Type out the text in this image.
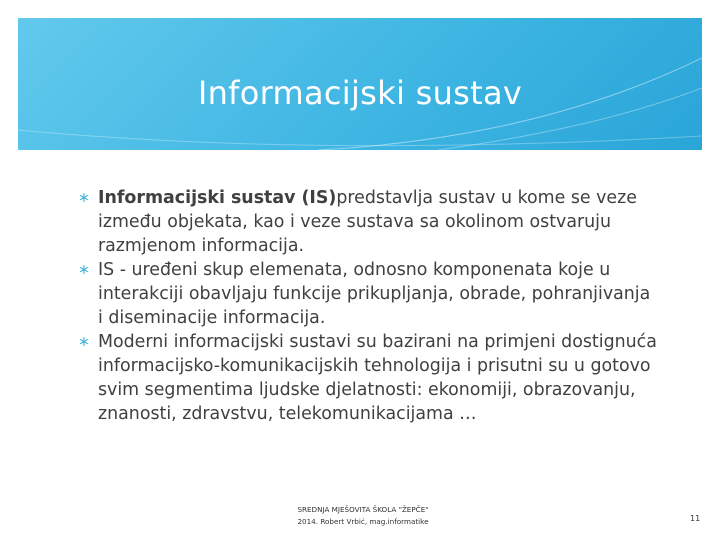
Informacijski sustav
∗ Informacijski sustav (IS)predstavlja sustav u kome se veze između objekata, kao i veze sustava sa okolinom ostvaruju razmjenom informacija.
∗ IS - uređeni skup elemenata, odnosno komponenata koje u interakciji obavljaju funkcije prikupljanja, obrade, pohranjivanja i diseminacije informacija.
∗ Moderni informacijski sustavi su bazirani na primjeni dostignuća informacijsko-komunikacijskih tehnologija i prisutni su u gotovo svim segmentima ljudske djelatnosti: ekonomiji, obrazovanju, znanosti, zdravstvu, telekomunikacijama …
SREDNJA MJEŠOVITA ŠKOLA "ŽEPČE"
2014. Robert Vrbić, mag.informatike	11
